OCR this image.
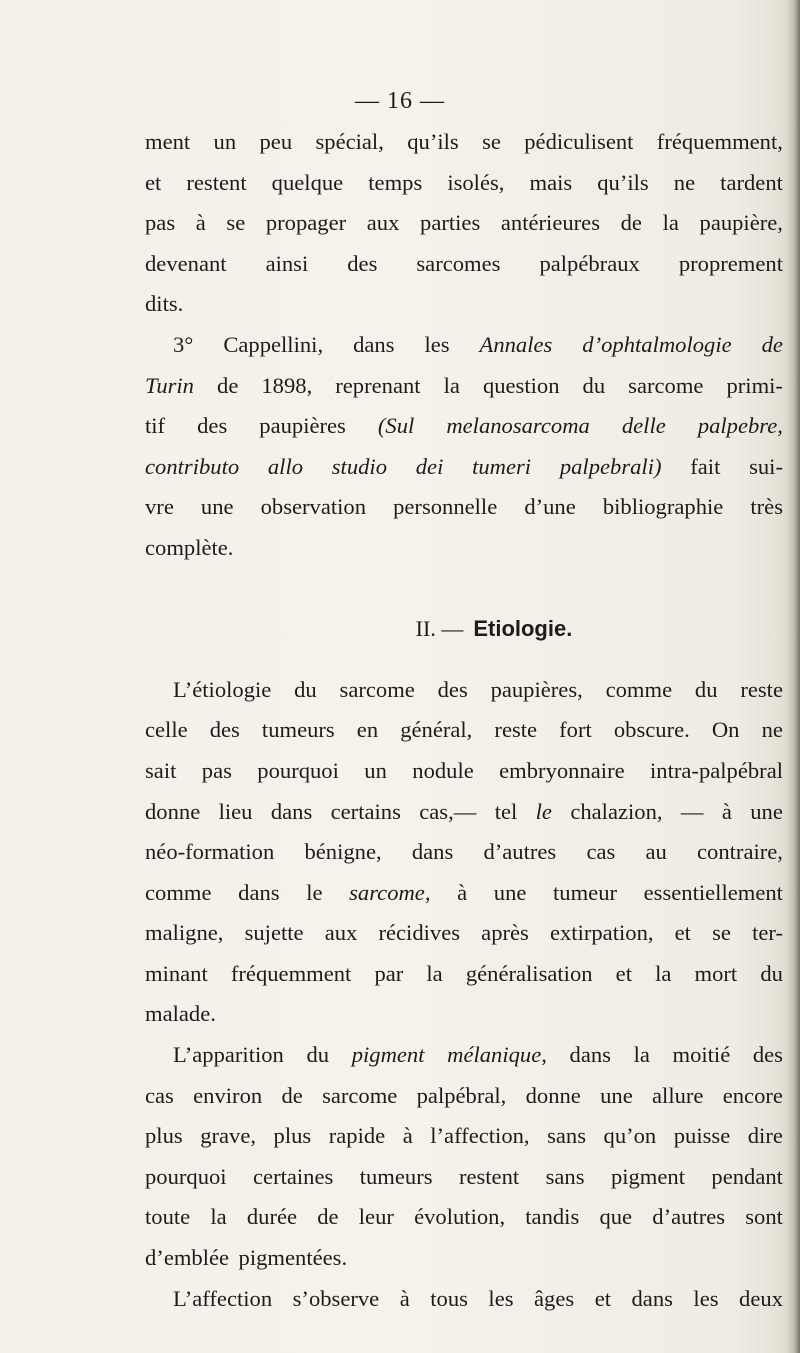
— 16 —
ment un peu spécial, qu’ils se pédiculisent fréquemment,
et restent quelque temps isolés, mais qu’ils ne tardent
pas à se propager aux parties antérieures de la paupière,
devenant ainsi des sarcomes palpébraux proprement
dits.
3° Cappellini, dans les Annales d’ophtalmologie de
Turin de 1898, reprenant la question du sarcome primi-
tif des paupières (Sul melanosarcoma delle palpebre,
contributo allo studio dei tumeri palpebrali) fait sui-
vre une observation personnelle d’une bibliographie très
complète.
II. — Etiologie.
L’étiologie du sarcome des paupières, comme du reste
celle des tumeurs en général, reste fort obscure. On ne
sait pas pourquoi un nodule embryonnaire intra-palpébral
donne lieu dans certains cas,— tel le chalazion, — à une
néo-formation bénigne, dans d’autres cas au contraire,
comme dans le sarcome, à une tumeur essentiellement
maligne, sujette aux récidives après extirpation, et se ter-
minant fréquemment par la généralisation et la mort du
malade.
L’apparition du pigment mélanique, dans la moitié des
cas environ de sarcome palpébral, donne une allure encore
plus grave, plus rapide à l’affection, sans qu’on puisse dire
pourquoi certaines tumeurs restent sans pigment pendant
toute la durée de leur évolution, tandis que d’autres sont
d’emblée pigmentées.
L’affection s’observe à tous les âges et dans les deux
